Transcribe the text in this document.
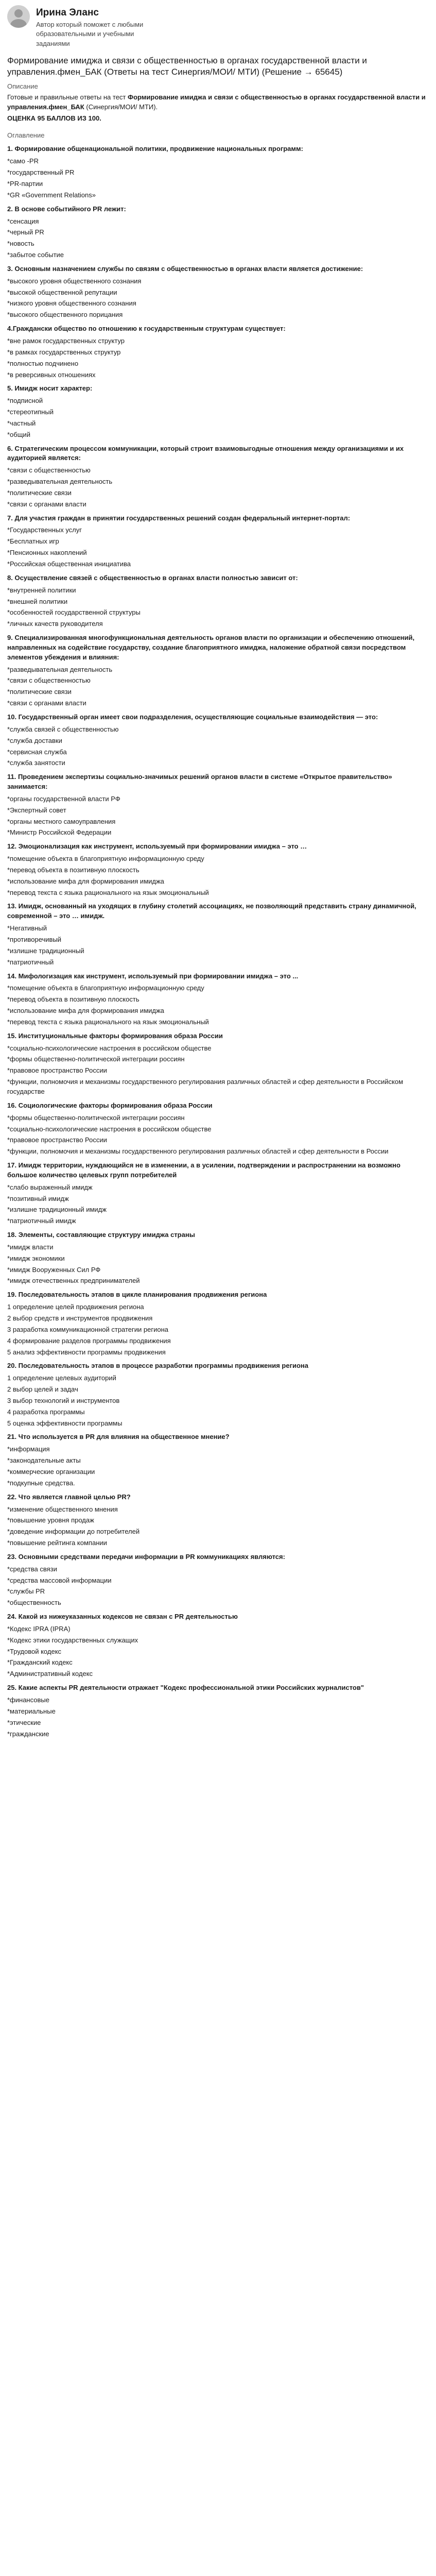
Ирина Эланс
Автор который поможет с любыми образовательными и учебными заданиями
Формирование имиджа и связи с общественностью в органах государственной власти и управления.фмен_БАК (Ответы на тест Синергия/МОИ/ МТИ) (Решение → 65645)
Описание
Готовые и правильные ответы на тест Формирование имиджа и связи с общественностью в органах государственной власти и управления.фмен_БАК (Синергия/МОИ/ МТИ).
ОЦЕНКА 95 БАЛЛОВ ИЗ 100.
Оглавление
1. Формирование общенациональной политики, продвижение национальных программ:
*само -PR
*государственный PR
*PR-партии
*GR «Government Relations»
2. В основе событийного PR лежит:
*сенсация
*черный PR
*новость
*забытое событие
3. Основным назначением службы по связям с общественностью в органах власти является достижение:
*высокого уровня общественного сознания
*высокой общественной репутации
*низкого уровня общественного сознания
*высокого общественного порицания
4.Граждански общество по отношению к государственным структурам существует:
*вне рамок государственных структур
*в рамках государственных структур
*полностью подчинено
*в реверсивных отношениях
5. Имидж носит характер:
*подписной
*стереотипный
*частный
*общий
6. Стратегическим процессом коммуникации, который строит взаимовыгодные отношения между организациями и их аудиторией является:
*связи с общественностью
*разведывательная деятельность
*политические связи
*связи с органами власти
7. Для участия граждан в принятии государственных решений создан федеральный интернет-портал:
*Государственных услуг
*Бесплатных игр
*Пенсионных накоплений
*Российская общественная инициатива
8. Осуществление связей с общественностью в органах власти полностью зависит от:
*внутренней политики
*внешней политики
*особенностей государственной структуры
*личных качеств руководителя
9. Специализированная многофункциональная деятельность органов власти по организации и обеспечению отношений, направленных на содействие государству, создание благоприятного имиджа, наложение обратной связи посредством элементов убеждения и влияния:
*разведывательная деятельность
*связи с общественностью
*политические связи
*связи с органами власти
10. Государственный орган имеет свои подразделения, осуществляющие социальные взаимодействия — это:
*служба связей с общественностью
*служба доставки
*сервисная служба
*служба занятости
11. Проведением экспертизы социально-значимых решений органов власти в системе «Открытое правительство» занимается:
*органы государственной власти РФ
*Экспертный совет
*органы местного самоуправления
*Министр Российской Федерации
12. Эмоционализация как инструмент, используемый при формировании имиджа – это …
*помещение объекта в благоприятную информационную среду
*перевод объекта в позитивную плоскость
*использование мифа для формирования имиджа
*перевод текста с языка рационального на язык эмоциональный
13. Имидж, основанный на уходящих в глубину столетий ассоциациях, не позволяющий представить страну динамичной, современной – это … имидж.
*Негативный
*противоречивый
*излишне традиционный
*патриотичный
14. Мифологизация как инструмент, используемый при формировании имиджа – это ...
*помещение объекта в благоприятную информационную среду
*перевод объекта в позитивную плоскость
*использование мифа для формирования имиджа
*перевод текста с языка рационального на язык эмоциональный
15. Институциональные факторы формирования образа России
*социально-психологические настроения в российском обществе
*формы общественно-политической интеграции россиян
*правовое пространство России
*функции, полномочия и механизмы государственного регулирования различных областей и сфер деятельности в Российском государстве
16. Социологические факторы формирования образа России
*формы общественно-политической интеграции россиян
*социально-психологические настроения в российском обществе
*правовое пространство России
*функции, полномочия и механизмы государственного регулирования различных областей и сфер деятельности в России
17. Имидж территории, нуждающийся не в изменении, а в усилении, подтверждении и распространении на возможно большое количество целевых групп потребителей
*слабо выраженный имидж
*позитивный имидж
*излишне традиционный имидж
*патриотичный имидж
18. Элементы, составляющие структуру имиджа страны
*имидж власти
*имидж экономики
*имидж Вооруженных Сил РФ
*имидж отечественных предпринимателей
19. Последовательность этапов в цикле планирования продвижения региона
1 определение целей продвижения региона
2 выбор средств и инструментов продвижения
3 разработка коммуникационной стратегии региона
4 формирование разделов программы продвижения
5 анализ эффективности программы продвижения
20. Последовательность этапов в процессе разработки программы продвижения региона
1 определение целевых аудиторий
2 выбор целей и задач
3 выбор технологий и инструментов
4 разработка программы
5 оценка эффективности программы
21. Что используется в PR для влияния на общественное мнение?
*информация
*законодательные акты
*коммерческие организации
*подкупные средства.
22. Что является главной целью PR?
*изменение общественного мнения
*повышение уровня продаж
*доведение информации до потребителей
*повышение рейтинга компании
23. Основными средствами передачи информации в PR коммуникациях являются:
*средства связи
*средства массовой информации
*службы PR
*общественность
24. Какой из нижеуказанных кодексов не связан с PR деятельностью
*Кодекс IPRA (IPRA)
*Кодекс этики государственных служащих
*Трудовой кодекс
*Гражданский кодекс
*Административный кодекс
25. Какие аспекты PR деятельности отражает "Кодекс профессиональной этики Российских журналистов"
*финансовые
*материальные
*этические
*гражданские
